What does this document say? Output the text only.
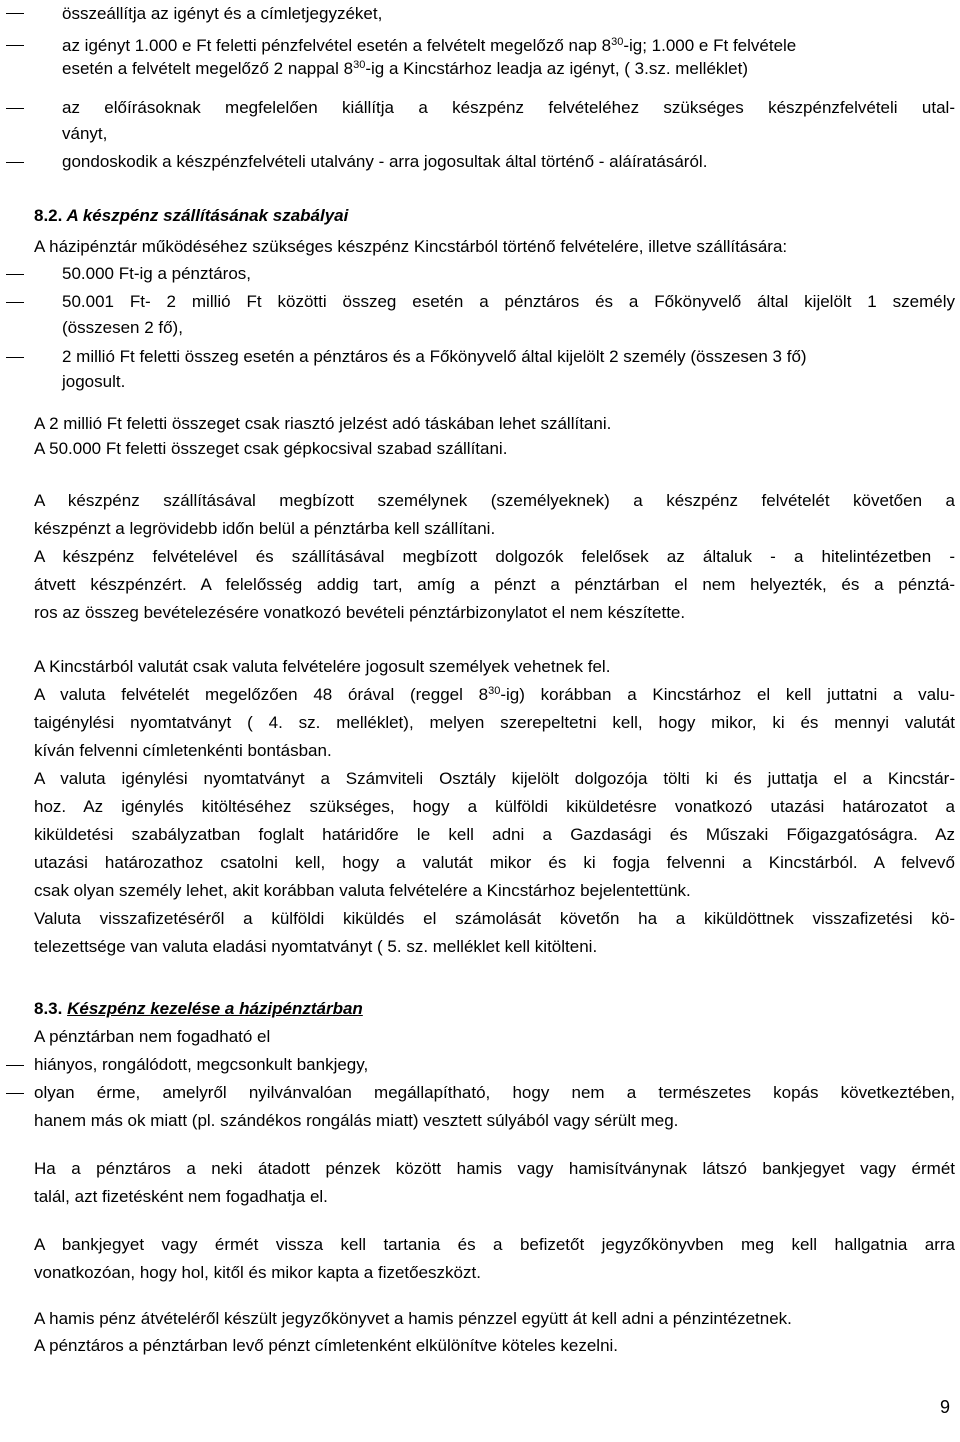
összeállítja az igényt és a címletjegyzéket,
az igényt 1.000 e Ft feletti pénzfelvétel esetén a felvételt megelőző nap $8^{30}-ig$; 1.000 e Ft felvétele
esetén a felvételt megelőző 2 nappal $8^{30}-ig$ a Kincstárhoz leadja az igényt, ( 3.sz. melléklet)
az előírásoknak megfelelően kiállítja a készpénz felvételéhez szükséges készpénzfelvételi utal-
ványt,
gondoskodik a készpénzfelvételi utalvány - arra jogosultak által történő - aláíratásáról.
8.2. A készpénz szállításának szabályai
A házipénztár működéséhez szükséges készpénz Kincstárból történő felvételére, illetve szállítására:
50.000 Ft-ig a pénztáros,
50.001 Ft- 2 millió Ft közötti összeg esetén a pénztáros és a Főkönyvelő által kijelölt 1 személy
(összesen 2 fő),
2 millió Ft feletti összeg esetén a pénztáros és a Főkönyvelő által kijelölt 2 személy (összesen 3 fő)
jogosult.
A 2 millió Ft feletti összeget csak riasztó jelzést adó táskában lehet szállítani.
A 50.000 Ft feletti összeget csak gépkocsival szabad szállítani.
A készpénz szállításával megbízott személynek (személyeknek) a készpénz felvételét követően a
készpénzt a legrövidebb időn belül a pénztárba kell szállítani.
A készpénz felvételével és szállításával megbízott dolgozók felelősek az általuk - a hitelintézetben -
átvett készpénzért. A felelősség addig tart, amíg a pénzt a pénztárban el nem helyezték, és a pénztá-
ros az összeg bevételezésére vonatkozó bevételi pénztárbizonylatot el nem készítette.
A Kincstárból valutát csak valuta felvételére jogosult személyek vehetnek fel.
A valuta felvételét megelőzően 48 órával (reggel $8^{30}-ig$) korábban a Kincstárhoz el kell juttatni a valu-
taigénylési nyomtatványt ( 4. sz. melléklet), melyen szerepeltetni kell, hogy mikor, ki és mennyi valutát
kíván felvenni címletenkénti bontásban.
A valuta igénylési nyomtatványt a Számviteli Osztály kijelölt dolgozója tölti ki és juttatja el a Kincstár-
hoz. Az igénylés kitöltéséhez szükséges, hogy a külföldi kiküldetésre vonatkozó utazási határozatot a
kiküldetési szabályzatban foglalt határidőre le kell adni a Gazdasági és Műszaki Főigazgatóságra. Az
utazási határozathoz csatolni kell, hogy a valutát mikor és ki fogja felvenni a Kincstárból. A felvevő
csak olyan személy lehet, akit korábban valuta felvételére a Kincstárhoz bejelentettünk.
Valuta visszafizetéséről a külföldi kiküldés el számolását követőn ha a kiküldöttnek visszafizetési kö-
telezettsége van valuta eladási nyomtatványt ( 5. sz. melléklet kell kitölteni.
8.3. Készpénz kezelése a házipénztárban
A pénztárban nem fogadható el
hiányos, rongálódott, megcsonkult bankjegy,
olyan érme, amelyről nyilvánvalóan megállapítható, hogy nem a természetes kopás következtében,
hanem más ok miatt (pl. szándékos rongálás miatt) vesztett súlyából vagy sérült meg.
Ha a pénztáros a neki átadott pénzek között hamis vagy hamisítványnak látszó bankjegyet vagy érmét
talál, azt fizetésként nem fogadhatja el.
A bankjegyet vagy érmét vissza kell tartania és a befizetőt jegyzőkönyvben meg kell hallgatnia arra
vonatkozóan, hogy hol, kitől és mikor kapta a fizetőeszközt.
A hamis pénz átvételéről készült jegyzőkönyvet a hamis pénzzel együtt át kell adni a pénzintézetnek.
A pénztáros a pénztárban levő pénzt címletenként elkülönítve köteles kezelni.
9
